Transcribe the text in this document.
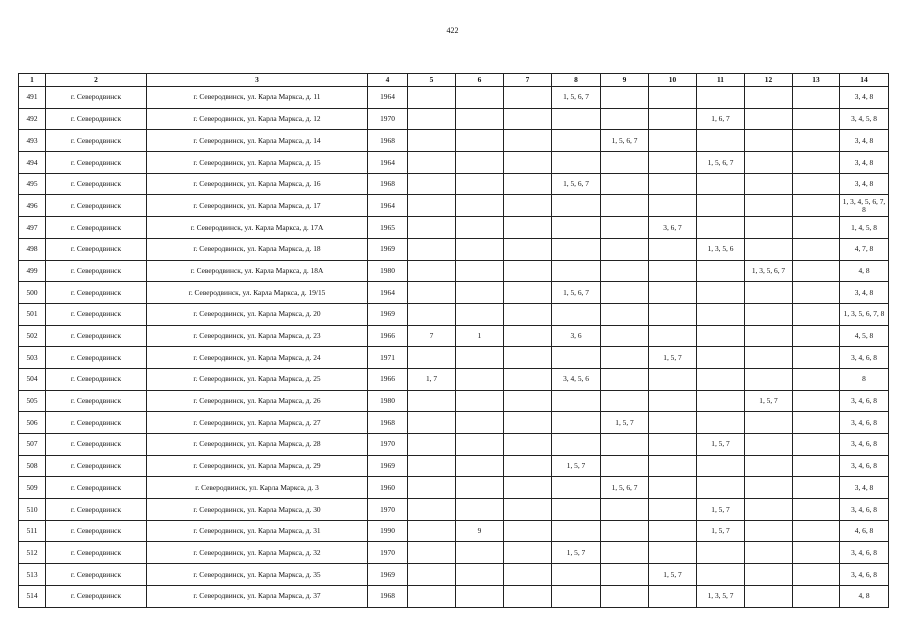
422
1	2	3	4	5	6	7	8	9	10	11	12	13	14
491	г. Северодвинск	г. Северодвинск, ул. Карла Маркса, д. 11	1964				1, 5, 6, 7						3, 4, 8
492	г. Северодвинск	г. Северодвинск, ул. Карла Маркса, д. 12	1970							1, 6, 7			3, 4, 5, 8
493	г. Северодвинск	г. Северодвинск, ул. Карла Маркса, д. 14	1968					1, 5, 6, 7					3, 4, 8
494	г. Северодвинск	г. Северодвинск, ул. Карла Маркса, д. 15	1964							1, 5, 6, 7			3, 4, 8
495	г. Северодвинск	г. Северодвинск, ул. Карла Маркса, д. 16	1968				1, 5, 6, 7						3, 4, 8
496	г. Северодвинск	г. Северодвинск, ул. Карла Маркса, д. 17	1964										1, 3, 4, 5, 6, 7, 8
497	г. Северодвинск	г. Северодвинск, ул. Карла Маркса, д. 17А	1965						3, 6, 7				1, 4, 5, 8
498	г. Северодвинск	г. Северодвинск, ул. Карла Маркса, д. 18	1969							1, 3, 5, 6			4, 7, 8
499	г. Северодвинск	г. Северодвинск, ул. Карла Маркса, д. 18А	1980								1, 3, 5, 6, 7		4, 8
500	г. Северодвинск	г. Северодвинск, ул. Карла Маркса, д. 19/15	1964				1, 5, 6, 7						3, 4, 8
501	г. Северодвинск	г. Северодвинск, ул. Карла Маркса, д. 20	1969										1, 3, 5, 6, 7, 8
502	г. Северодвинск	г. Северодвинск, ул. Карла Маркса, д. 23	1966	7	1		3, 6						4, 5, 8
503	г. Северодвинск	г. Северодвинск, ул. Карла Маркса, д. 24	1971						1, 5, 7				3, 4, 6, 8
504	г. Северодвинск	г. Северодвинск, ул. Карла Маркса, д. 25	1966	1, 7			3, 4, 5, 6						8
505	г. Северодвинск	г. Северодвинск, ул. Карла Маркса, д. 26	1980								1, 5, 7		3, 4, 6, 8
506	г. Северодвинск	г. Северодвинск, ул. Карла Маркса, д. 27	1968					1, 5, 7					3, 4, 6, 8
507	г. Северодвинск	г. Северодвинск, ул. Карла Маркса, д. 28	1970							1, 5, 7			3, 4, 6, 8
508	г. Северодвинск	г. Северодвинск, ул. Карла Маркса, д. 29	1969				1, 5, 7						3, 4, 6, 8
509	г. Северодвинск	г. Северодвинск, ул. Карла Маркса, д. 3	1960					1, 5, 6, 7					3, 4, 8
510	г. Северодвинск	г. Северодвинск, ул. Карла Маркса, д. 30	1970							1, 5, 7			3, 4, 6, 8
511	г. Северодвинск	г. Северодвинск, ул. Карла Маркса, д. 31	1990		9					1, 5, 7			4, 6, 8
512	г. Северодвинск	г. Северодвинск, ул. Карла Маркса, д. 32	1970				1, 5, 7						3, 4, 6, 8
513	г. Северодвинск	г. Северодвинск, ул. Карла Маркса, д. 35	1969						1, 5, 7				3, 4, 6, 8
514	г. Северодвинск	г. Северодвинск, ул. Карла Маркса, д. 37	1968							1, 3, 5, 7			4, 8
